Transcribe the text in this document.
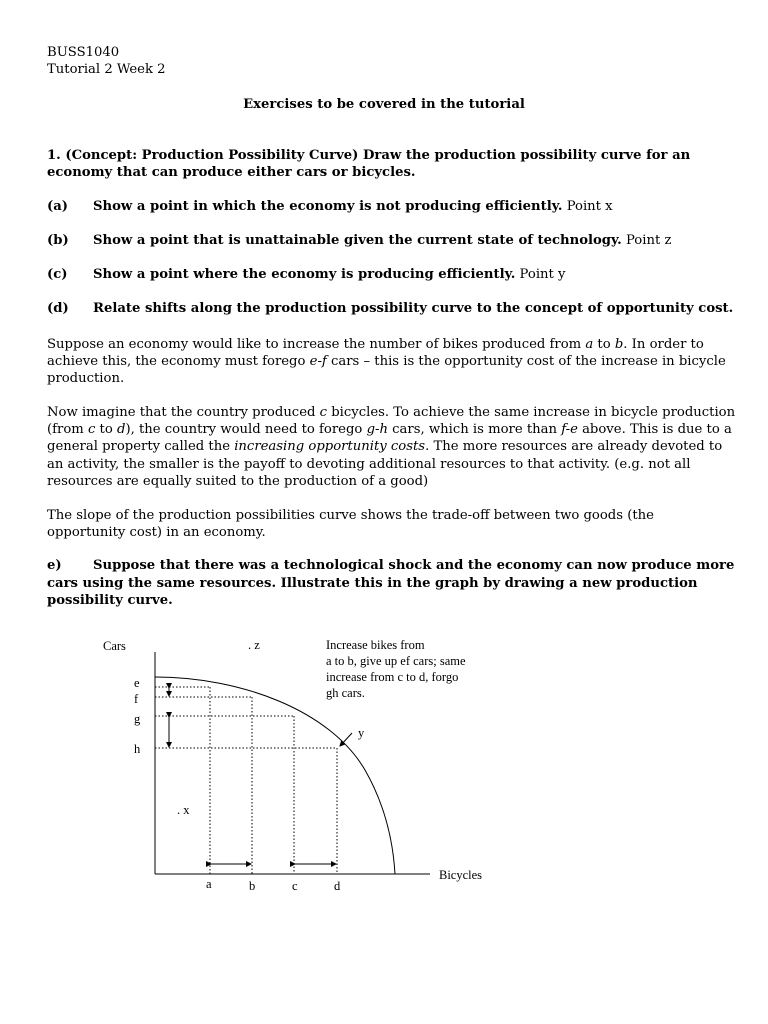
BUSS1040
Tutorial 2 Week 2
Exercises to be covered in the tutorial
1. (Concept: Production Possibility Curve) Draw the production possibility curve for an
economy that can produce either cars or bicycles.
(a) Show a point in which the economy is not producing efficiently. Point x
(b) Show a point that is unattainable given the current state of technology. Point z
(c) Show a point where the economy is producing efficiently. Point y
(d) Relate shifts along the production possibility curve to the concept of opportunity cost.
Suppose an economy would like to increase the number of bikes produced from a to b. In order to
achieve this, the economy must forego e-f cars – this is the opportunity cost of the increase in bicycle
production.
Now imagine that the country produced c bicycles. To achieve the same increase in bicycle production
(from c to d), the country would need to forego g-h cars, which is more than f-e above. This is due to a
general property called the increasing opportunity costs. The more resources are already devoted to
an activity, the smaller is the payoff to devoting additional resources to that activity. (e.g. not all
resources are equally suited to the production of a good)
The slope of the production possibilities curve shows the trade-off between two goods (the
opportunity cost) in an economy.
e) Suppose that there was a technological shock and the economy can now produce more
cars using the same resources. Illustrate this in the graph by drawing a new production
possibility curve.
Cars
Bicycles
e
f
g
h
a	b	c	d
. z
. x
y
Increase bikes from
a to b, give up ef cars; same
increase from c to d, forgo
gh cars.
